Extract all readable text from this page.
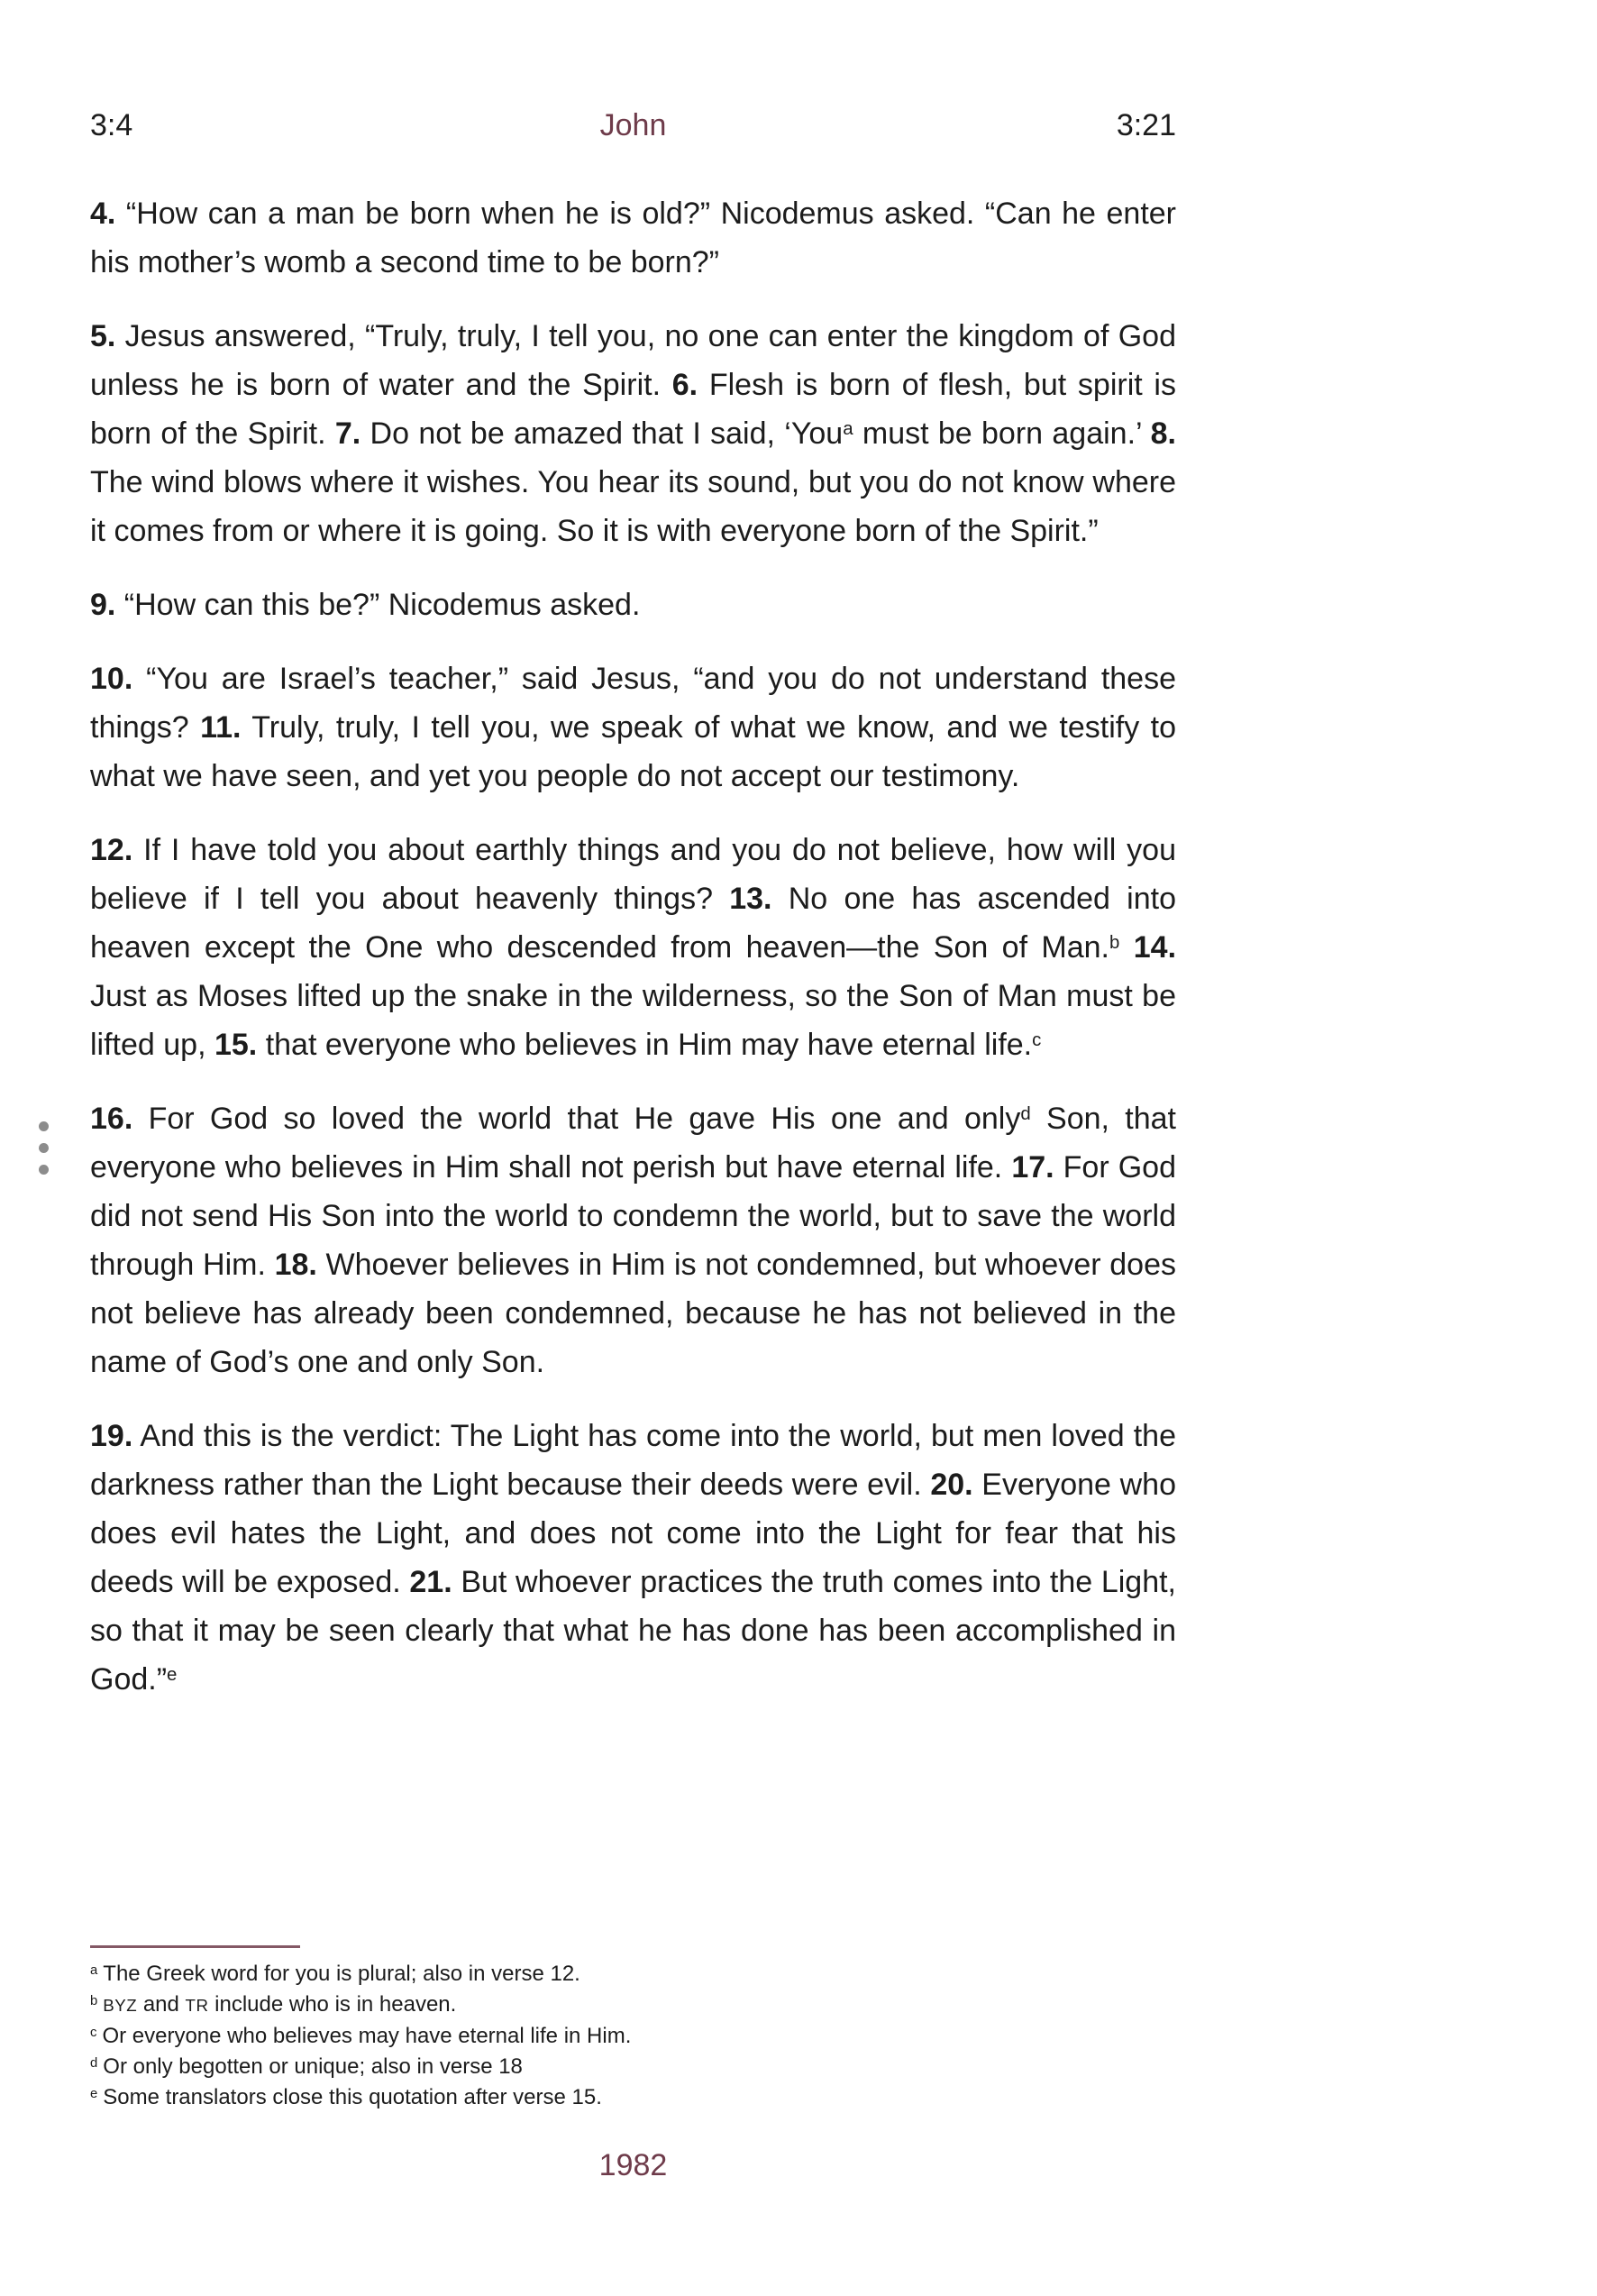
3:4	John	3:21

4. “How can a man be born when he is old?” Nicodemus asked. “Can he enter his mother’s womb a second time to be born?”

5. Jesus answered, “Truly, truly, I tell you, no one can enter the kingdom of God unless he is born of water and the Spirit. 6. Flesh is born of flesh, but spirit is born of the Spirit. 7. Do not be amazed that I said, ‘You$^a$ must be born again.’ 8. The wind blows where it wishes. You hear its sound, but you do not know where it comes from or where it is going. So it is with everyone born of the Spirit.”

9. “How can this be?” Nicodemus asked.

10. “You are Israel’s teacher,” said Jesus, “and you do not understand these things? 11. Truly, truly, I tell you, we speak of what we know, and we testify to what we have seen, and yet you people do not accept our testimony.

12. If I have told you about earthly things and you do not believe, how will you believe if I tell you about heavenly things? 13. No one has ascended into heaven except the One who descended from heaven—the Son of Man.$^b$ 14. Just as Moses lifted up the snake in the wilderness, so the Son of Man must be lifted up, 15. that everyone who believes in Him may have eternal life.$^c$

16. For God so loved the world that He gave His one and only$^d$ Son, that everyone who believes in Him shall not perish but have eternal life. 17. For God did not send His Son into the world to condemn the world, but to save the world through Him. 18. Whoever believes in Him is not condemned, but whoever does not believe has already been condemned, because he has not believed in the name of God’s one and only Son.

19. And this is the verdict: The Light has come into the world, but men loved the darkness rather than the Light because their deeds were evil. 20. Everyone who does evil hates the Light, and does not come into the Light for fear that his deeds will be exposed. 21. But whoever practices the truth comes into the Light, so that it may be seen clearly that what he has done has been accomplished in God.”$^e$

$^a$ The Greek word for you is plural; also in verse 12.
$^b$ BYZ and TR include who is in heaven.
$^c$ Or everyone who believes may have eternal life in Him.
$^d$ Or only begotten or unique; also in verse 18
$^e$ Some translators close this quotation after verse 15.
1982
